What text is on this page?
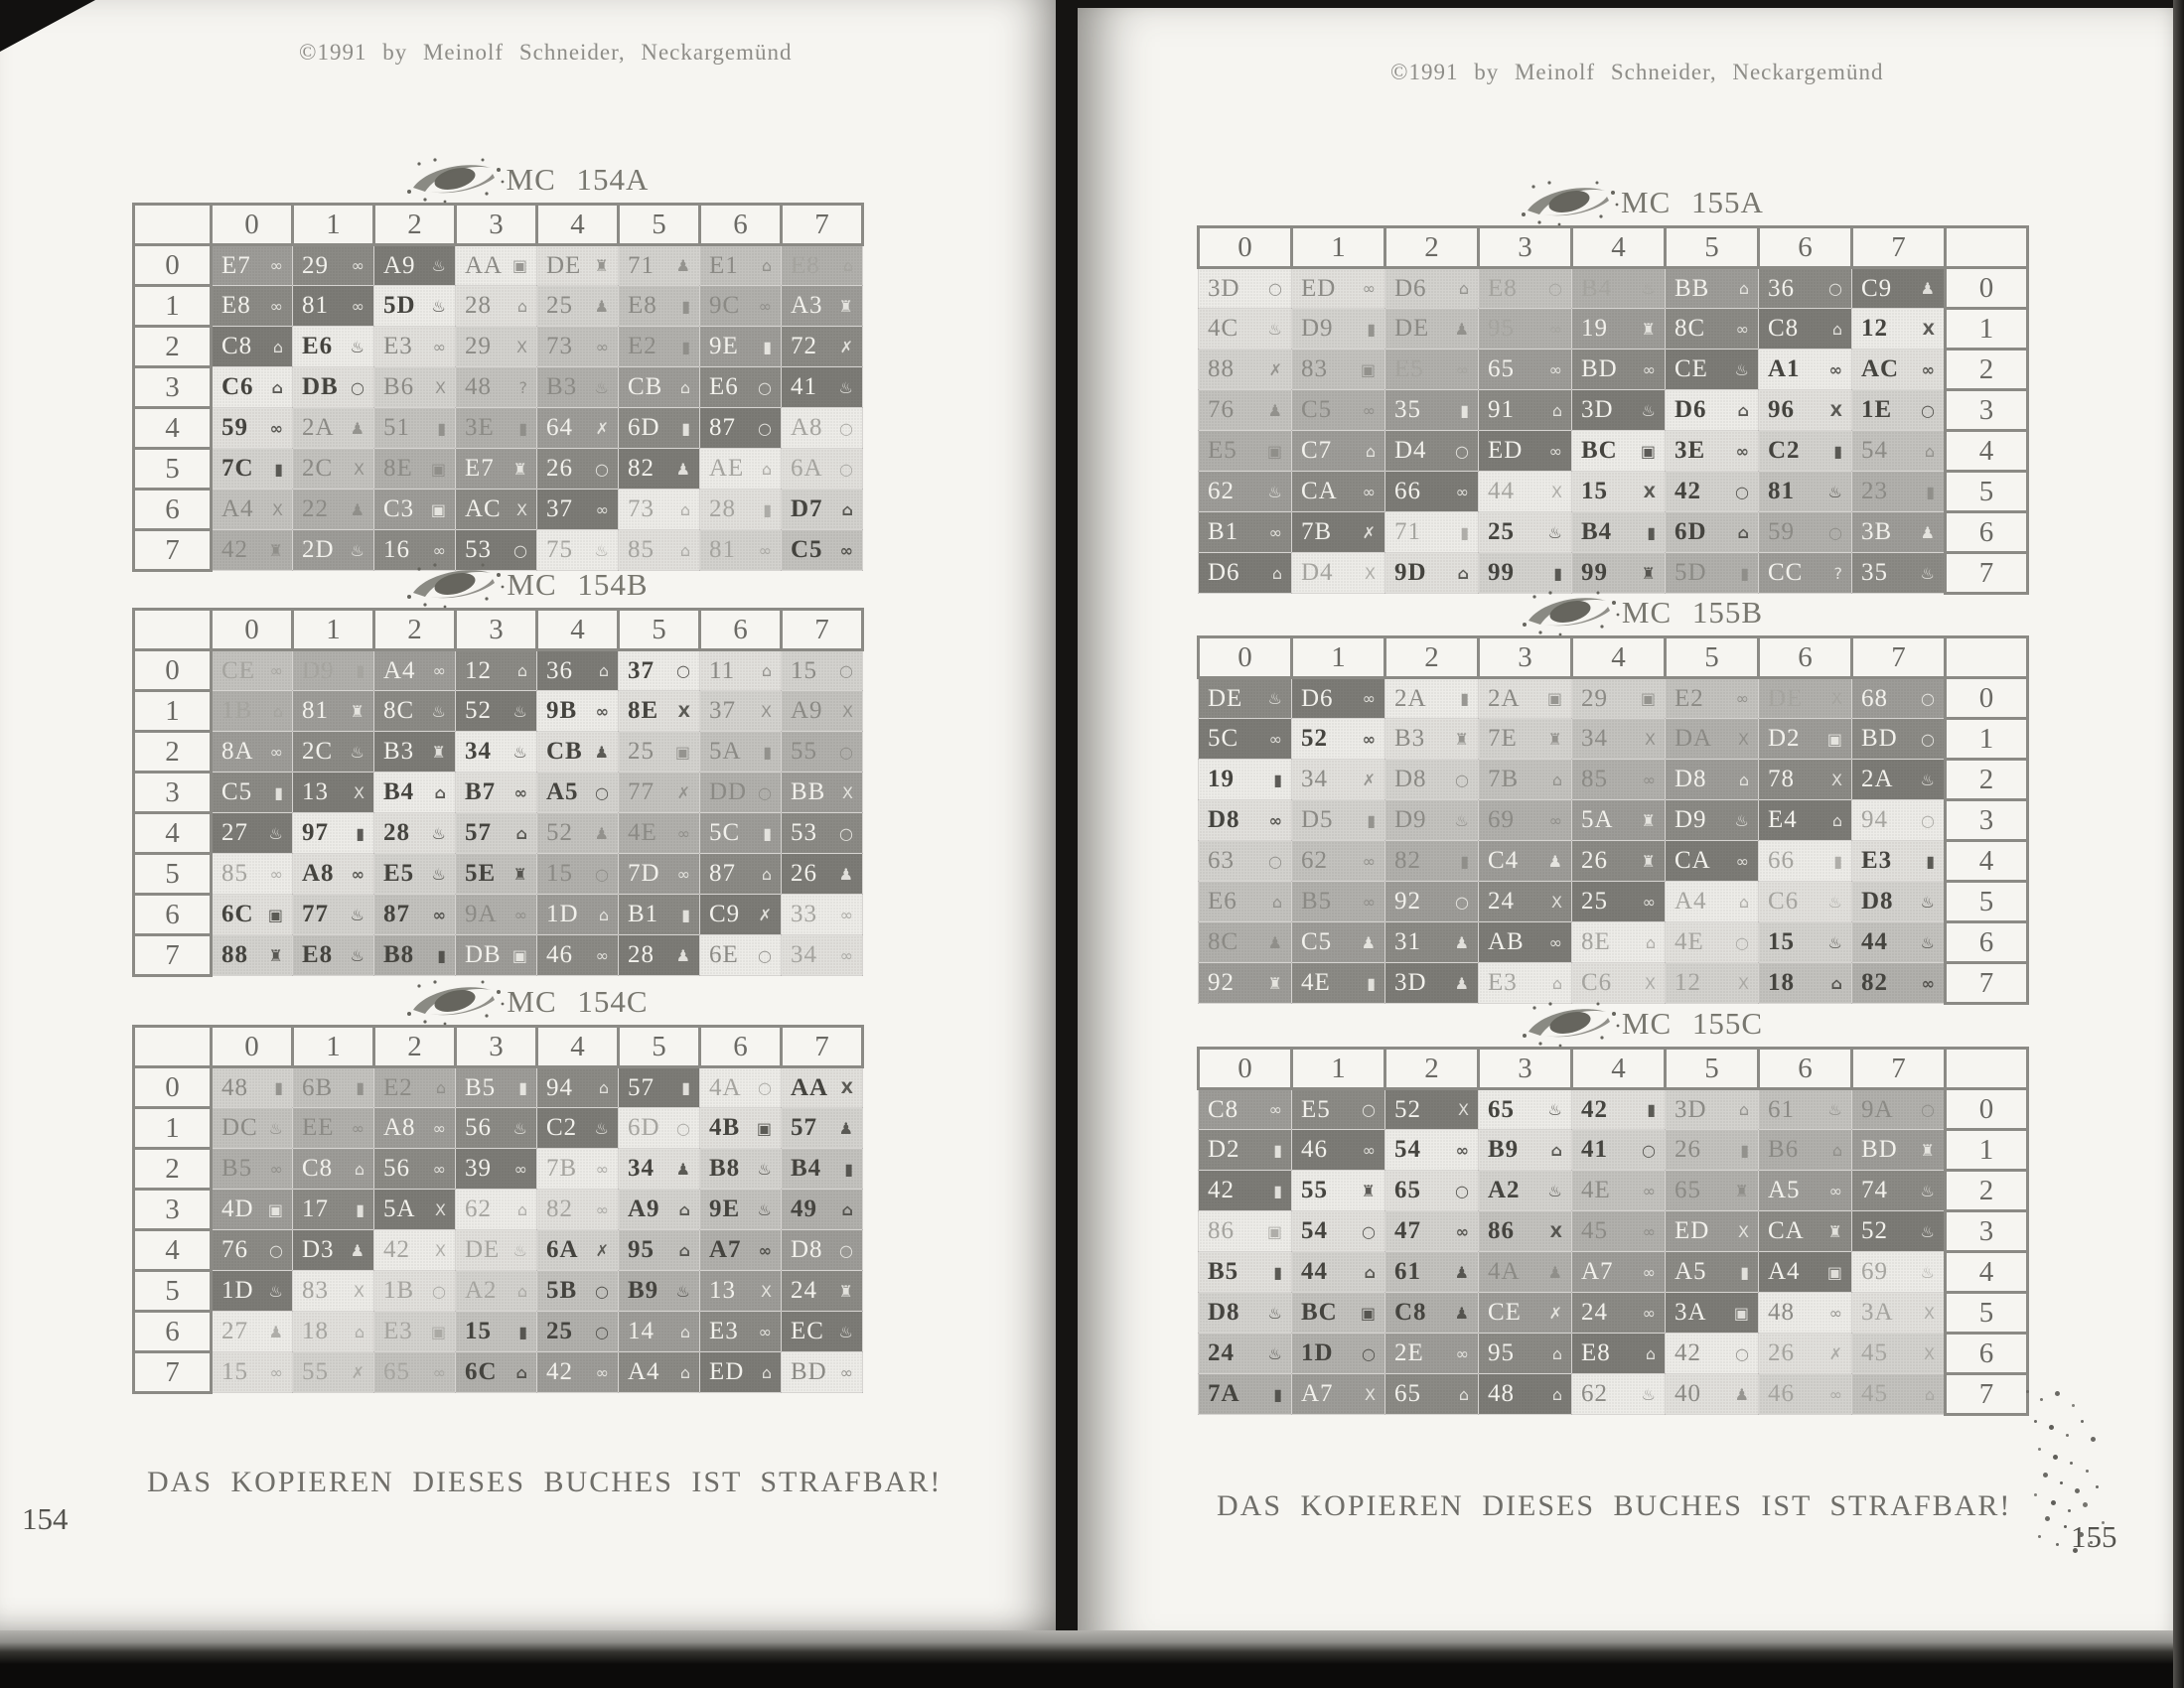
©1991 by Meinolf Schneider, Neckargemünd
MC 154A
	0	1	2	3	4	5	6	7
0	E7 ∞	29 ∞	A9 ♨	AA ▣	DE ♜	71 ♟	E1 ⌂	E8 ⌂

1	E8 ∞	81 ∞	5D ♨	28 ⌂	25 ♟	E8 ▮	9C ∞	A3 ♜

2	C8 ⌂	E6 ♨	E3 ∞	29 X	73 ∞	E2 ▮	9E ▮	72 ✗

3	C6 ⌂	DB ○	B6 X	48 ?	B3 ♨	CB ⌂	E6 ○	41 ♨

4	59 ∞	2A ♟	51 ▮	3E ▮	64 ✗	6D ▮	87 ○	A8 ○

5	7C ▮	2C X	8E ▣	E7 ♜	26 ○	82 ♟	AE ⌂	6A ○

6	A4 X	22 ♟	C3 ▣	AC X	37 ∞	73 ⌂	28 ▮	D7 ⌂

7	42 ♜	2D ♨	16 ∞	53 ○	75 ♨	85 ⌂	81 ∞	C5 ∞
MC 154B
	0	1	2	3	4	5	6	7
0	CE ∞	D9 ▮	A4 ∞	12 ⌂	36 ⌂	37 ○	11 ⌂	15 ○

1	1B ⌂	81 ♜	8C ♨	52 ♨	9B ∞	8E X	37 X	A9 X

2	8A ∞	2C ♨	B3 ♜	34 ♨	CB ♟	25 ▣	5A ▮	55 ○

3	C5 ▮	13 X	B4 ⌂	B7 ∞	A5 ○	77 ✗	DD ○	BB X

4	27 ♨	97 ▮	28 ♨	57 ⌂	52 ♟	4E ∞	5C ▮	53 ○

5	85 ∞	A8 ∞	E5 ♨	5E ♜	15 ○	7D ∞	87 ⌂	26 ♟

6	6C ▣	77 ♨	87 ∞	9A ∞	1D ⌂	B1 ▮	C9 ✗	33 ∞

7	88 ♜	E8 ♨	B8 ▮	DB ▣	46 ∞	28 ♟	6E ○	34 ∞
MC 154C
	0	1	2	3	4	5	6	7
0	48 ▮	6B ▮	E2 ⌂	B5 ▮	94 ⌂	57 ▮	4A ○	AA X

1	DC ♨	EE ∞	A8 ∞	56 ♨	C2 ♨	6D ○	4B ▣	57 ♟

2	B5 ∞	C8 ⌂	56 ∞	39 ∞	7B ∞	34 ♟	B8 ♨	B4 ▮

3	4D ▣	17 ▮	5A X	62 ⌂	82 ∞	A9 ⌂	9E ♨	49 ⌂

4	76 ○	D3 ♟	42 X	DE ♨	6A ✗	95 ⌂	A7 ∞	D8 ○

5	1D ♨	83 X	1B ○	A2 ⌂	5B ○	B9 ♨	13 X	24 ♜

6	27 ♟	18 ⌂	E3 ▣	15 ▮	25 ○	14 ⌂	E3 ∞	EC ♨

7	15 ∞	55 ✗	65 ∞	6C ⌂	42 ∞	A4 ⌂	ED ⌂	BD ∞
DAS KOPIEREN DIESES BUCHES IST STRAFBAR!
154
©1991 by Meinolf Schneider, Neckargemünd
MC 155A
0	1	2	3	4	5	6	7	

3D ○	ED ∞	D6 ⌂	E8 ○	B4 ♨	BB ⌂	36 ○	C9 ♟	0

4C ♨	D9 ▮	DE ♟	95 ∞	19 ♜	8C ∞	C8 ⌂	12 X	1

88 ✗	83 ▣	E5 ∞	65 ∞	BD ∞	CE ♨	A1 ∞	AC ∞	2

76 ♟	C5 ∞	35 ▮	91 ⌂	3D ♨	D6 ⌂	96 X	1E ○	3

E5 ▣	C7 ⌂	D4 ○	ED ∞	BC ▣	3E ∞	C2 ▮	54 ⌂	4

62 ♨	CA ∞	66 ∞	44 X	15 X	42 ○	81 ♨	23 ▮	5

B1 ∞	7B ✗	71 ▮	25 ♨	B4 ▮	6D ⌂	59 ○	3B ♟	6

D6 ⌂	D4 X	9D ⌂	99 ▮	99 ♜	5D ▮	CC ?	35 ♨	7
MC 155B
0	1	2	3	4	5	6	7	

DE ♨	D6 ∞	2A ▮	2A ▣	29 ▣	E2 ∞	DE X	68 ○	0

5C ∞	52 ∞	B3 ♜	7E ♜	34 X	DA X	D2 ▣	BD ○	1

19 ▮	34 ✗	D8 ○	7B ⌂	85 ∞	D8 ⌂	78 X	2A ♨	2

D8 ∞	D5 ▮	D9 ♨	69 ∞	5A ♜	D9 ♨	E4 ⌂	94 ○	3

63 ○	62 ∞	82 ▮	C4 ♟	26 ♜	CA ∞	66 ▮	E3 ▮	4

E6 ⌂	B5 ∞	92 ○	24 X	25 ∞	A4 ⌂	C6 ♨	D8 ♨	5

8C ♟	C5 ♟	31 ♟	AB ∞	8E ⌂	4E ○	15 ♨	44 ♨	6

92 ♜	4E ▮	3D ♟	E3 ⌂	C6 X	12 X	18 ⌂	82 ∞	7
MC 155C
0	1	2	3	4	5	6	7	

C8 ∞	E5 ○	52 X	65 ♨	42 ▮	3D ⌂	61 ♨	9A ○	0

D2 ▮	46 ∞	54 ∞	B9 ⌂	41 ○	26 ▮	B6 ⌂	BD ♜	1

42 ▮	55 ♜	65 ○	A2 ♨	4E ∞	65 ♜	A5 ∞	74 ♨	2

86 ▣	54 ○	47 ∞	86 X	45 ∞	ED X	CA ♜	52 ♨	3

B5 ▮	44 ⌂	61 ♟	4A ♟	A7 ∞	A5 ▮	A4 ▣	69 ♨	4

D8 ♨	BC ▣	C8 ♟	CE ✗	24 ∞	3A ▣	48 ∞	3A X	5

24 ♨	1D ○	2E ∞	95 ⌂	E8 ⌂	42 ○	26 ✗	45 X	6

7A ▮	A7 X	65 ⌂	48 ⌂	62 ♨	40 ♟	46 ∞	45 ⌂	7
DAS KOPIEREN DIESES BUCHES IST STRAFBAR!
155
